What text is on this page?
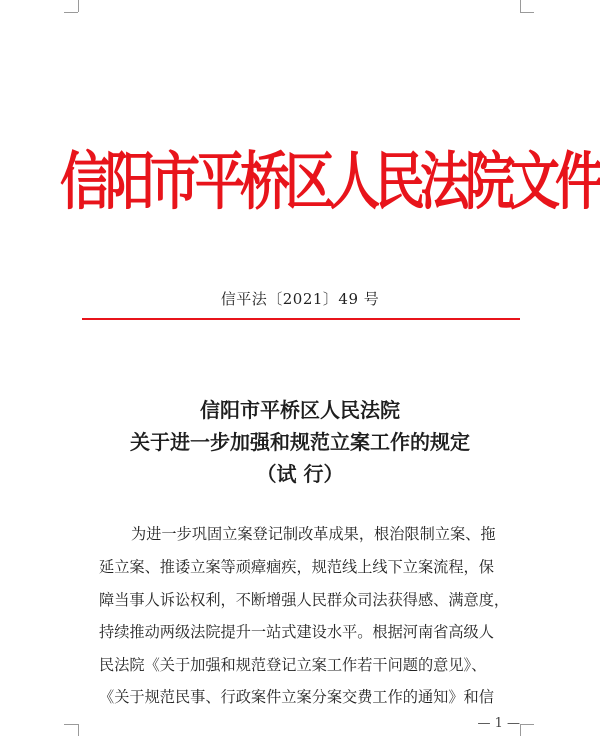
信阳市平桥区人民法院文件
信平法〔2021〕49 号
信阳市平桥区人民法院
关于进一步加强和规范立案工作的规定
（试 行）
为进一步巩固立案登记制改革成果，根治限制立案、拖
延立案、推诿立案等顽瘴痼疾，规范线上线下立案流程，保
障当事人诉讼权利，不断增强人民群众司法获得感、满意度，
持续推动两级法院提升一站式建设水平。根据河南省高级人
民法院《关于加强和规范登记立案工作若干问题的意见》、
《关于规范民事、行政案件立案分案交费工作的通知》和信
— 1 —
